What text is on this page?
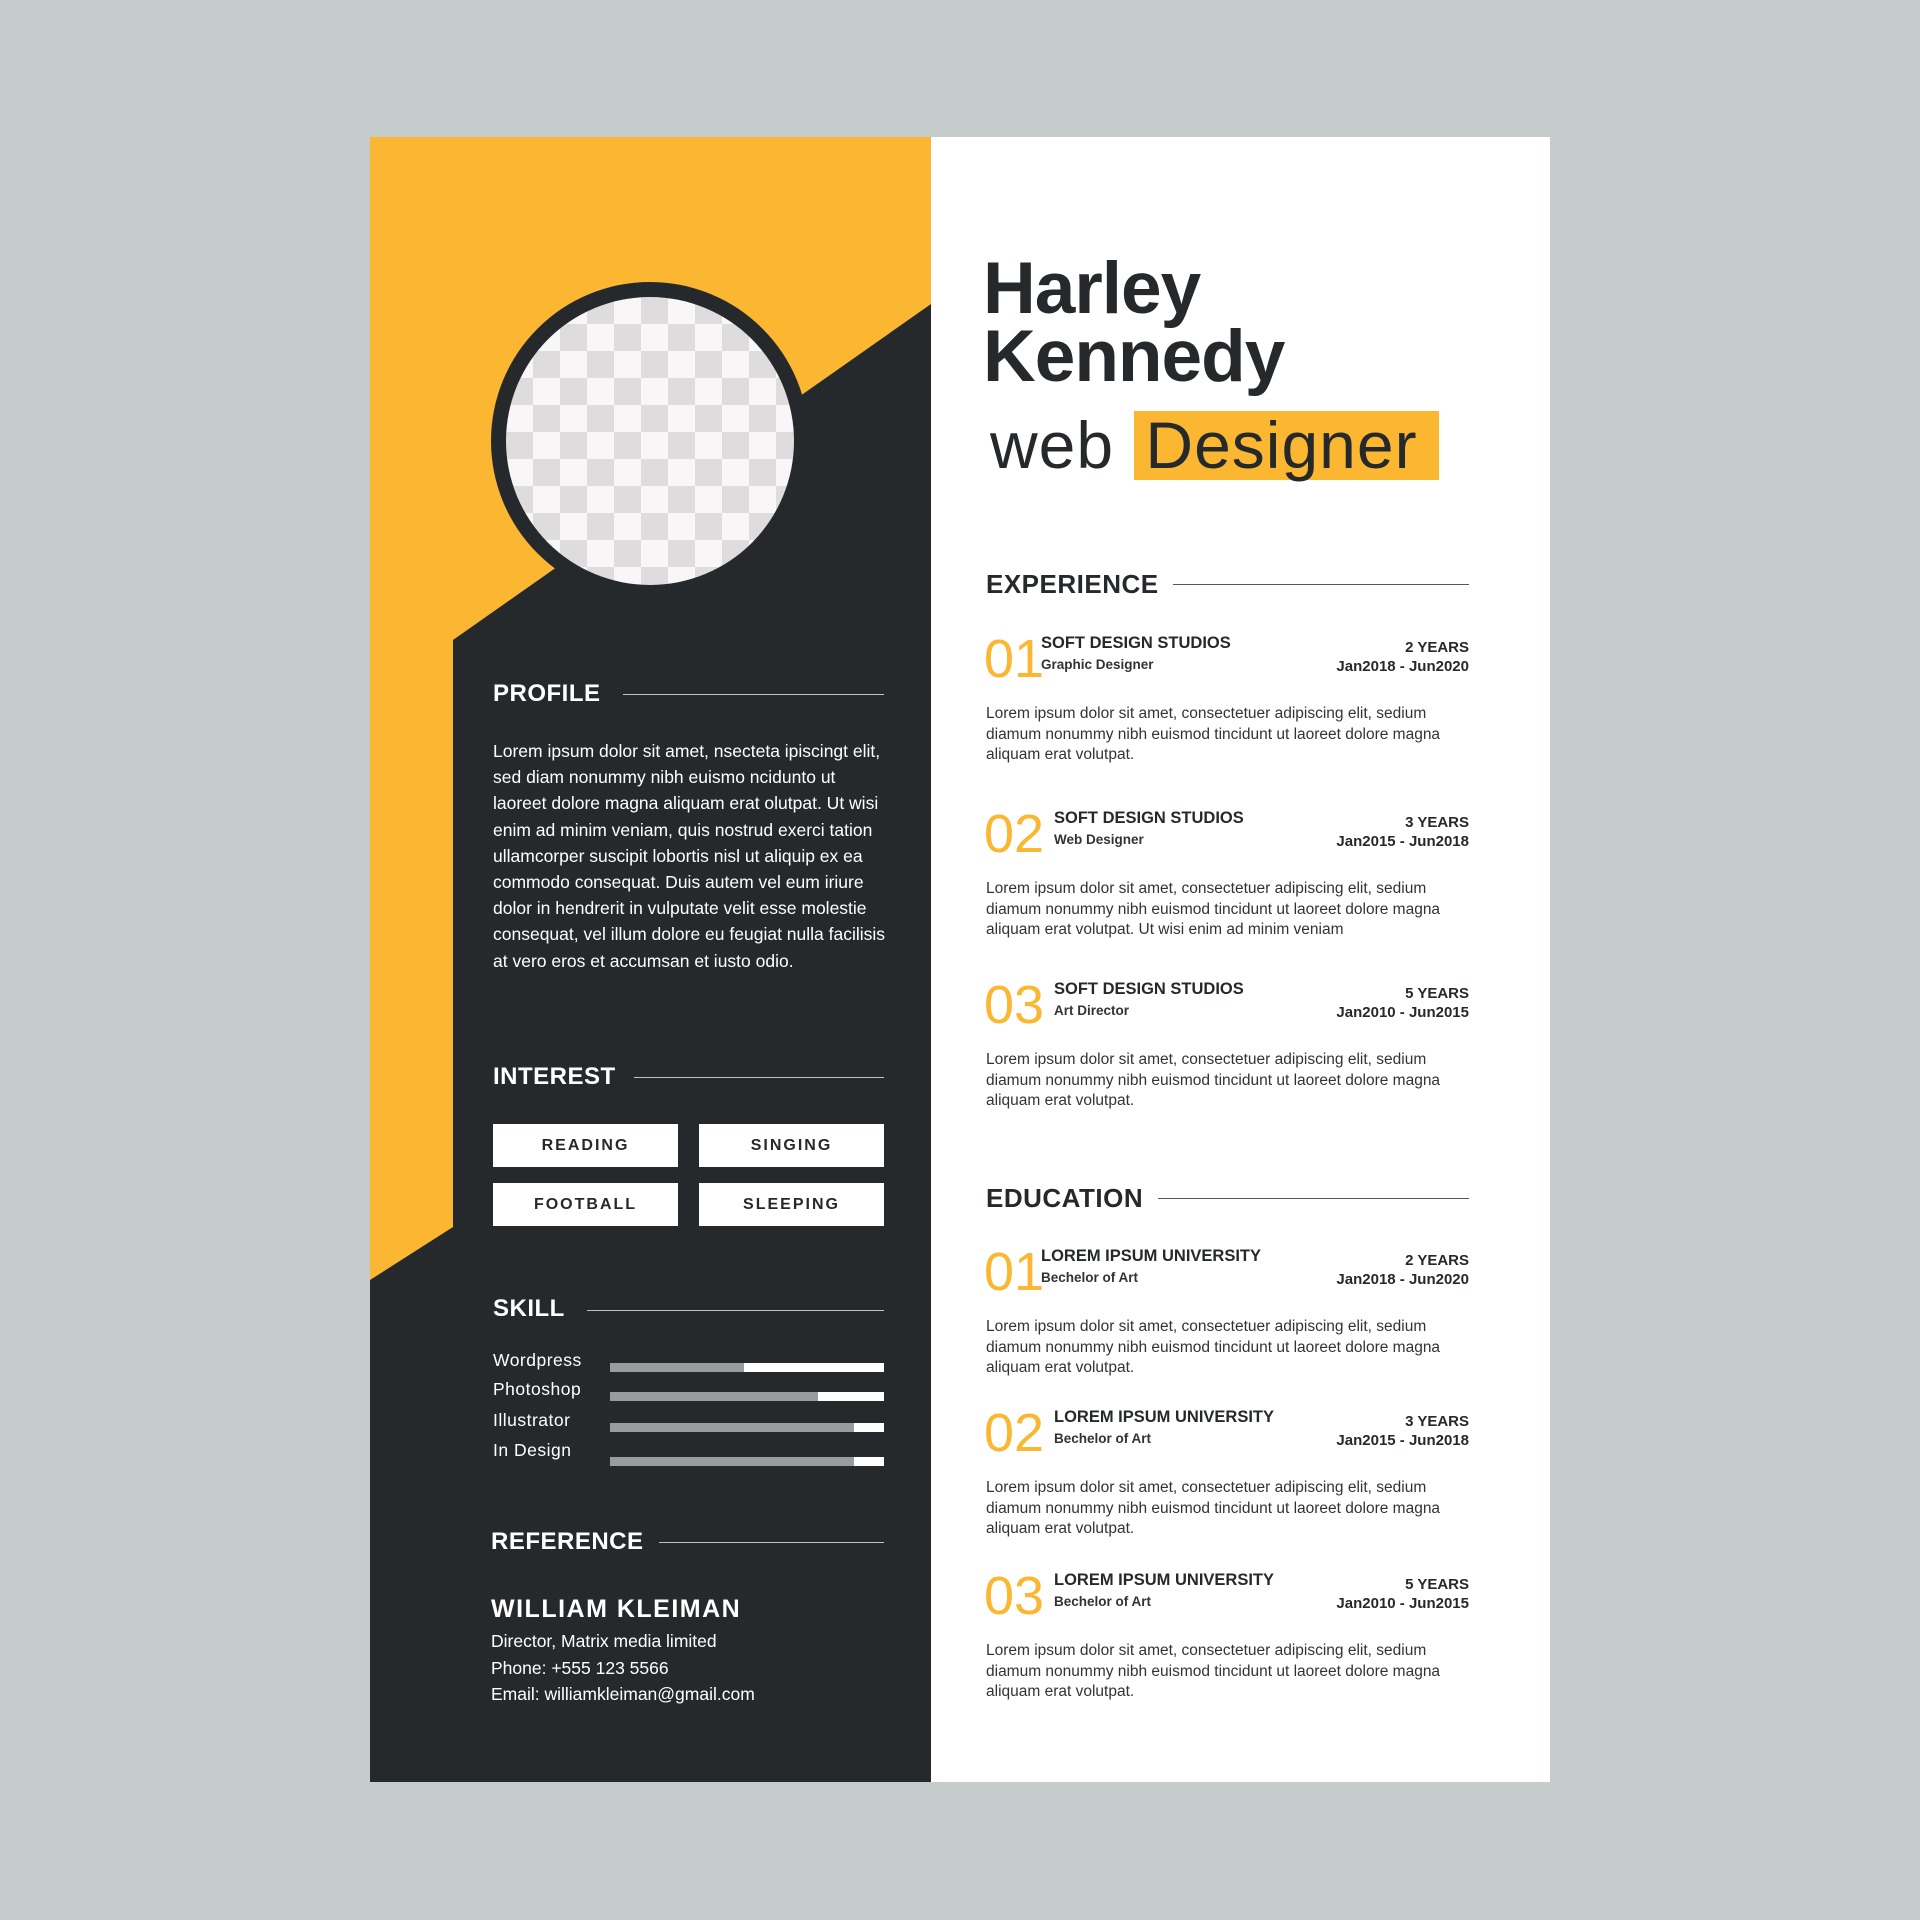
PROFILE
Lorem ipsum dolor sit amet, nsecteta ipiscingt elit, sed diam nonummy nibh euismo ncidunto ut laoreet dolore magna aliquam erat olutpat. Ut wisi enim ad minim veniam, quis nostrud exerci tation ullamcorper suscipit lobortis nisl ut aliquip ex ea commodo consequat. Duis autem vel eum iriure dolor in hendrerit in vulputate velit esse molestie consequat, vel illum dolore eu feugiat nulla facilisis at vero eros et accumsan et iusto odio.
INTEREST
READING	SINGING
FOOTBALL	SLEEPING
SKILL
Wordpress
Photoshop
Illustrator
In Design
REFERENCE
WILLIAM KLEIMAN
Director, Matrix media limited
Phone: +555 123 5566
Email: williamkleiman@gmail.com
Harley
Kennedy
web Designer
EXPERIENCE
EDUCATION
01
SOFT DESIGN STUDIOS
Graphic Designer
2 YEARS
Jan2018 - Jun2020
Lorem ipsum dolor sit amet, consectetuer adipiscing elit, sedium diamum nonummy nibh euismod tincidunt ut laoreet dolore magna aliquam erat volutpat.
02 SOFT DESIGN STUDIOS
Web Designer
3 YEARS
Jan2015 - Jun2018
Lorem ipsum dolor sit amet, consectetuer adipiscing elit, sedium diamum nonummy nibh euismod tincidunt ut laoreet dolore magna aliquam erat volutpat. Ut wisi enim ad minim veniam
03 SOFT DESIGN STUDIOS
Art Director
5 YEARS
Jan2010 - Jun2015
Lorem ipsum dolor sit amet, consectetuer adipiscing elit, sedium diamum nonummy nibh euismod tincidunt ut laoreet dolore magna aliquam erat volutpat.
01
LOREM IPSUM UNIVERSITY
Bechelor of Art
2 YEARS
Jan2018 - Jun2020
Lorem ipsum dolor sit amet, consectetuer adipiscing elit, sedium diamum nonummy nibh euismod tincidunt ut laoreet dolore magna aliquam erat volutpat.
02 LOREM IPSUM UNIVERSITY
Bechelor of Art
3 YEARS
Jan2015 - Jun2018
Lorem ipsum dolor sit amet, consectetuer adipiscing elit, sedium diamum nonummy nibh euismod tincidunt ut laoreet dolore magna aliquam erat volutpat.
03 LOREM IPSUM UNIVERSITY
Bechelor of Art
5 YEARS
Jan2010 - Jun2015
Lorem ipsum dolor sit amet, consectetuer adipiscing elit, sedium diamum nonummy nibh euismod tincidunt ut laoreet dolore magna aliquam erat volutpat.
